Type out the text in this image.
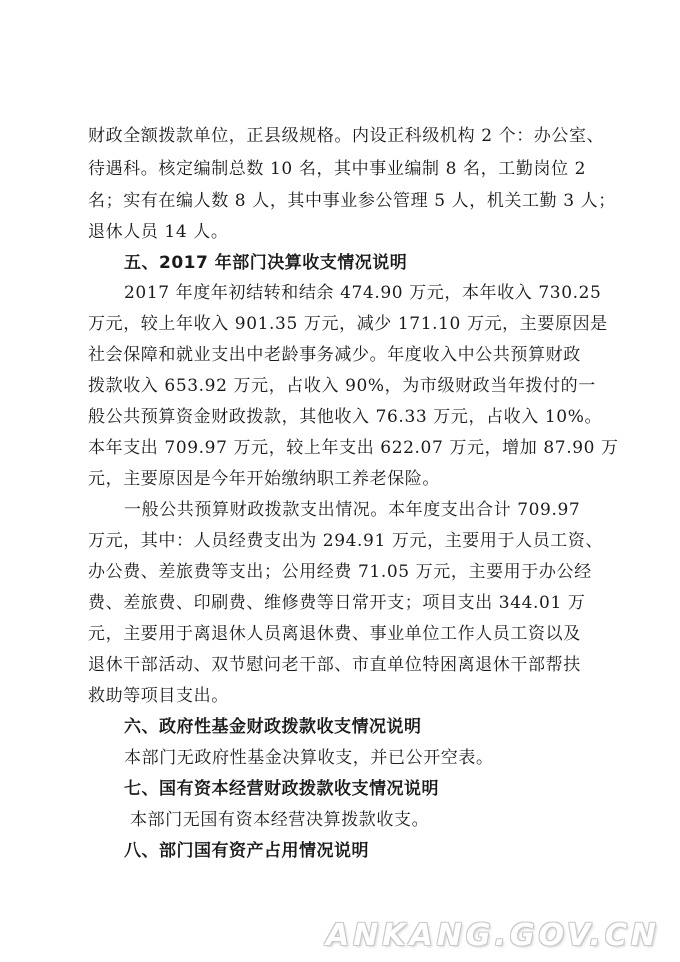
财政全额拨款单位，正县级规格。内设正科级机构 2 个：办公室、
待遇科。核定编制总数 10 名，其中事业编制 8 名，工勤岗位 2
名；实有在编人数 8 人，其中事业参公管理 5 人，机关工勤 3 人；
退休人员 14 人。
五、2017 年部门决算收支情况说明
2017 年度年初结转和结余 474.90 万元，本年收入 730.25
万元，较上年收入 901.35 万元，减少 171.10 万元，主要原因是
社会保障和就业支出中老龄事务减少。年度收入中公共预算财政
拨款收入 653.92 万元，占收入 90%，为市级财政当年拨付的一
般公共预算资金财政拨款，其他收入 76.33 万元，占收入 10%。
本年支出 709.97 万元，较上年支出 622.07 万元，增加 87.90 万
元，主要原因是今年开始缴纳职工养老保险。
一般公共预算财政拨款支出情况。本年度支出合计 709.97
万元，其中：人员经费支出为 294.91 万元，主要用于人员工资、
办公费、差旅费等支出；公用经费 71.05 万元，主要用于办公经
费、差旅费、印刷费、维修费等日常开支；项目支出 344.01 万
元，主要用于离退休人员离退休费、事业单位工作人员工资以及
退休干部活动、双节慰问老干部、市直单位特困离退休干部帮扶
救助等项目支出。
六、政府性基金财政拨款收支情况说明
本部门无政府性基金决算收支，并已公开空表。
七、国有资本经营财政拨款收支情况说明
本部门无国有资本经营决算拨款收支。
八、部门国有资产占用情况说明
ANKANG.GOV.CN
